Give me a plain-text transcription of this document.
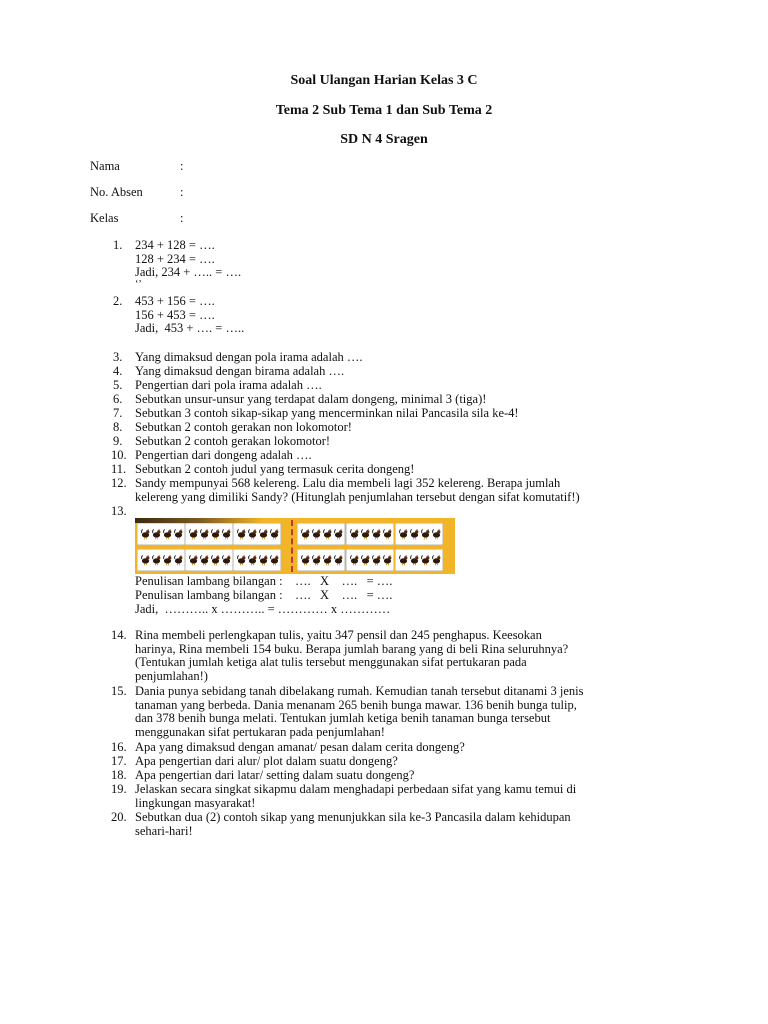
Soal Ulangan Harian Kelas 3 C
Tema 2 Sub Tema 1 dan Sub Tema 2
SD N 4 Sragen
Nama	:
No. Absen	:
Kelas	:
1.	234 + 128 = ….
128 + 234 = ….
Jadi, 234 + ….. = ….
‘’
2.	453 + 156 = ….
156 + 453 = ….
Jadi,  453 + …. = …..
3.	Yang dimaksud dengan pola irama adalah ….
4.	Yang dimaksud dengan birama adalah ….
5.	Pengertian dari pola irama adalah ….
6.	Sebutkan unsur-unsur yang terdapat dalam dongeng, minimal 3 (tiga)!
7.	Sebutkan 3 contoh sikap-sikap yang mencerminkan nilai Pancasila sila ke-4!
8.	Sebutkan 2 contoh gerakan non lokomotor!
9.	Sebutkan 2 contoh gerakan lokomotor!
10. Pengertian dari dongeng adalah ….
11. Sebutkan 2 contoh judul yang termasuk cerita dongeng!
12. Sandy mempunyai 568 kelereng. Lalu dia membeli lagi 352 kelereng. Berapa jumlah
kelereng yang dimiliki Sandy? (Hitunglah penjumlahan tersebut dengan sifat komutatif!)
13.
Penulisan lambang bilangan :    ….   X    ….   = ….
Penulisan lambang bilangan :    ….   X    ….   = ….
Jadi,  ……….. x ……….. = ………… x …………
14. Rina membeli perlengkapan tulis, yaitu 347 pensil dan 245 penghapus. Keesokan
harinya, Rina membeli 154 buku. Berapa jumlah barang yang di beli Rina seluruhnya?
(Tentukan jumlah ketiga alat tulis tersebut menggunakan sifat pertukaran pada
penjumlahan!)
15. Dania punya sebidang tanah dibelakang rumah. Kemudian tanah tersebut ditanami 3 jenis
tanaman yang berbeda. Dania menanam 265 benih bunga mawar. 136 benih bunga tulip,
dan 378 benih bunga melati. Tentukan jumlah ketiga benih tanaman bunga tersebut
menggunakan sifat pertukaran pada penjumlahan!
16. Apa yang dimaksud dengan amanat/ pesan dalam cerita dongeng?
17. Apa pengertian dari alur/ plot dalam suatu dongeng?
18. Apa pengertian dari latar/ setting dalam suatu dongeng?
19. Jelaskan secara singkat sikapmu dalam menghadapi perbedaan sifat yang kamu temui di
lingkungan masyarakat!
20. Sebutkan dua (2) contoh sikap yang menunjukkan sila ke-3 Pancasila dalam kehidupan
sehari-hari!
